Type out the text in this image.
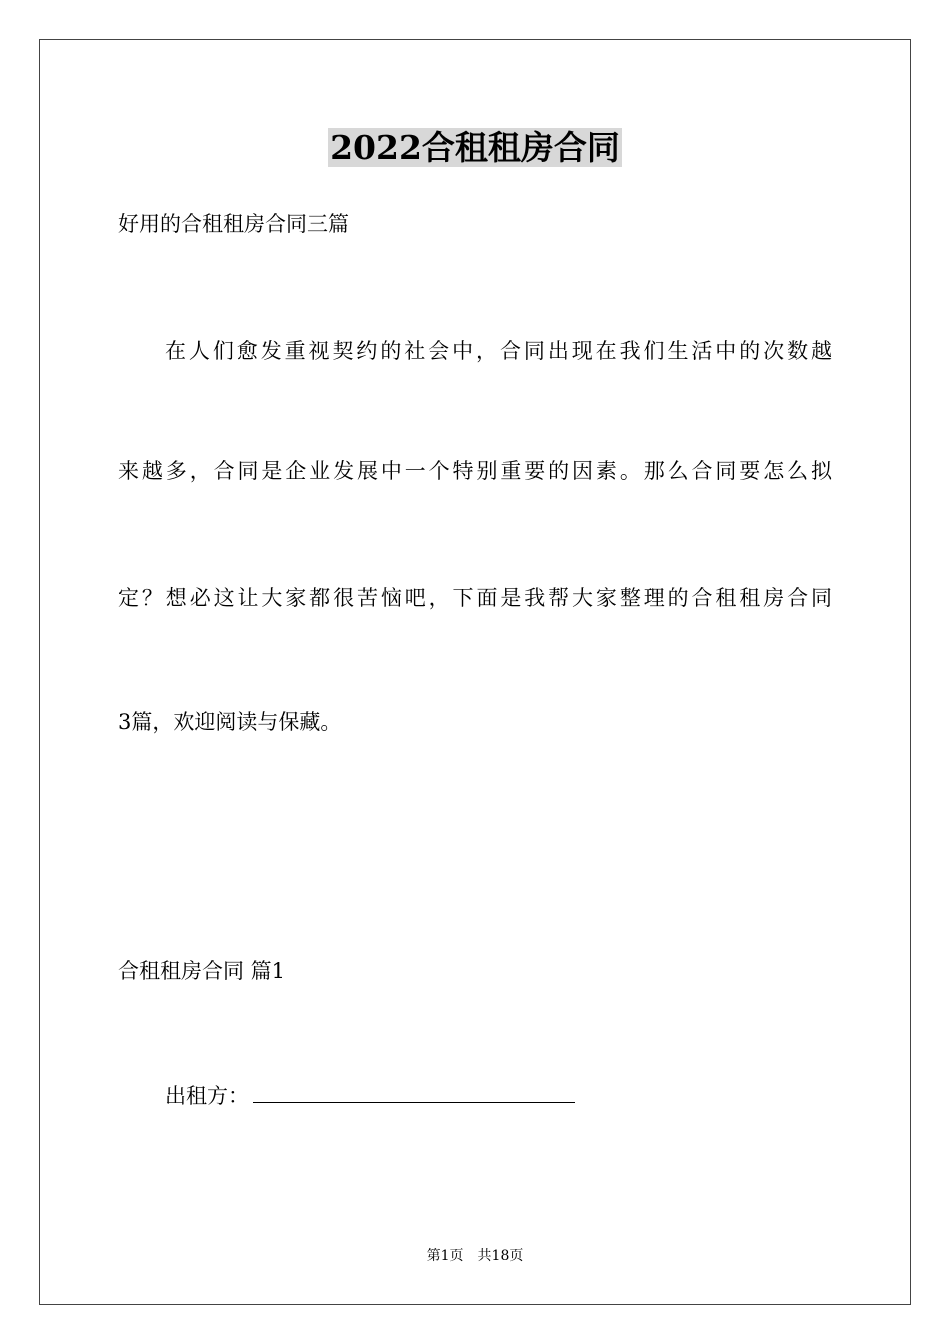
2022合租租房合同
好用的合租租房合同三篇
在人们愈发重视契约的社会中，合同出现在我们生活中的次数越
来越多，合同是企业发展中一个特别重要的因素。那么合同要怎么拟
定？想必这让大家都很苦恼吧，下面是我帮大家整理的合租租房合同
3篇，欢迎阅读与保藏。
合租租房合同 篇1
出租方：
第1页 共18页
